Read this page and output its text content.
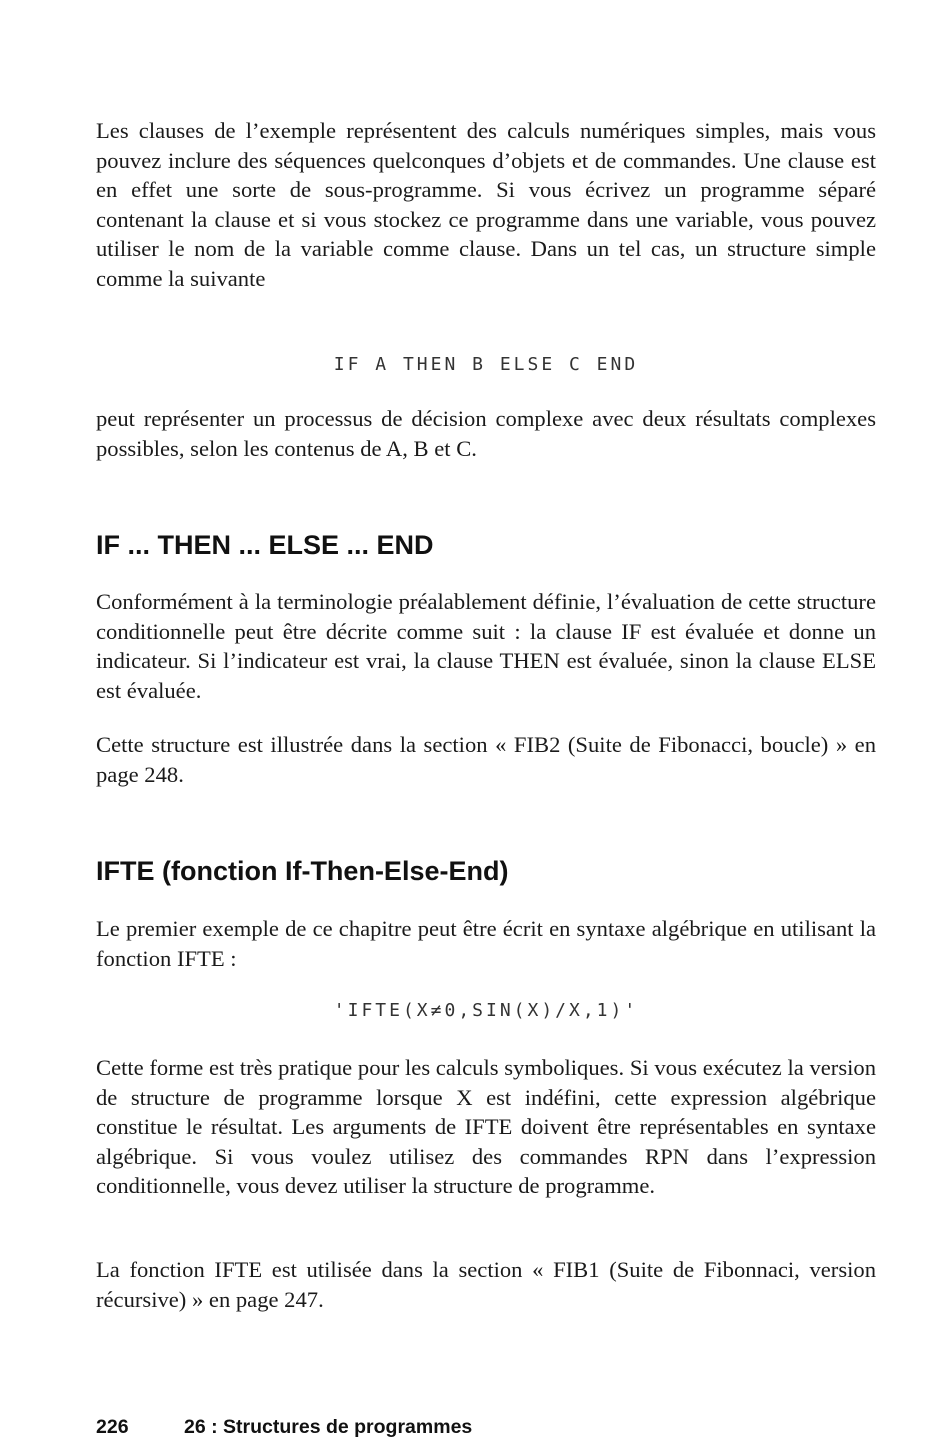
Les clauses de l’exemple représentent des calculs numériques simples, mais vous pouvez inclure des séquences quelconques d’objets et de commandes. Une clause est en effet une sorte de sous-programme. Si vous écrivez un programme séparé contenant la clause et si vous stockez ce programme dans une variable, vous pouvez utiliser le nom de la variable comme clause. Dans un tel cas, un structure simple comme la suivante

IF A THEN B ELSE C END

peut représenter un processus de décision complexe avec deux résultats complexes possibles, selon les contenus de A, B et C.

IF ... THEN ... ELSE ... END

Conformément à la terminologie préalablement définie, l’évaluation de cette structure conditionnelle peut être décrite comme suit : la clause IF est évaluée et donne un indicateur. Si l’indicateur est vrai, la clause THEN est évaluée, sinon la clause ELSE est évaluée.

Cette structure est illustrée dans la section « FIB2 (Suite de Fibonacci, boucle) » en page 248.

IFTE (fonction If-Then-Else-End)

Le premier exemple de ce chapitre peut être écrit en syntaxe algébrique en utilisant la fonction IFTE :

'IFTE(X≠0,SIN(X)/X,1)'

Cette forme est très pratique pour les calculs symboliques. Si vous exécutez la version de structure de programme lorsque X est indéfini, cette expression algébrique constitue le résultat. Les arguments de IFTE doivent être représentables en syntaxe algébrique. Si vous voulez utilisez des commandes RPN dans l’expression conditionnelle, vous devez utiliser la structure de programme.

La fonction IFTE est utilisée dans la section « FIB1 (Suite de Fibonnaci, version récursive) » en page 247.

226	26 : Structures de programmes
